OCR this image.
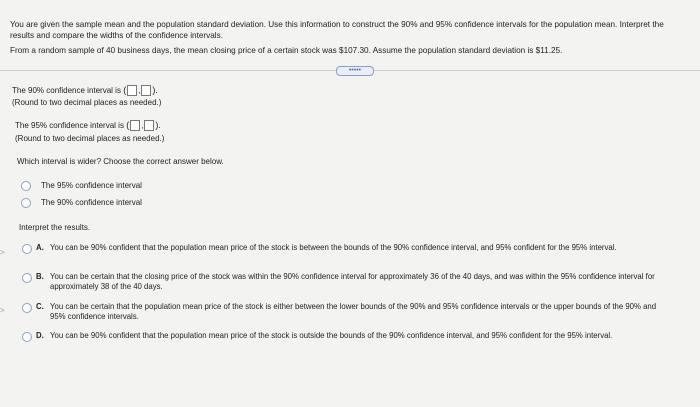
You are given the sample mean and the population standard deviation. Use this information to construct the 90% and 95% confidence intervals for the population mean. Interpret the results and compare the widths of the confidence intervals.

From a random sample of 40 business days, the mean closing price of a certain stock was $107.30. Assume the population standard deviation is $11.25.

•••••
>
>
The 90% confidence interval is ( , ).
(Round to two decimal places as needed.)
The 95% confidence interval is ( , ).
(Round to two decimal places as needed.)
Which interval is wider? Choose the correct answer below.
The 95% confidence interval
The 90% confidence interval
Interpret the results.
A. You can be 90% confident that the population mean price of the stock is between the bounds of the 90% confidence interval, and 95% confident for the 95% interval.
B. You can be certain that the closing price of the stock was within the 90% confidence interval for approximately 36 of the 40 days, and was within the 95% confidence interval for approximately 38 of the 40 days.
C. You can be certain that the population mean price of the stock is either between the lower bounds of the 90% and 95% confidence intervals or the upper bounds of the 90% and 95% confidence intervals.
D. You can be 90% confident that the population mean price of the stock is outside the bounds of the 90% confidence interval, and 95% confident for the 95% interval.
